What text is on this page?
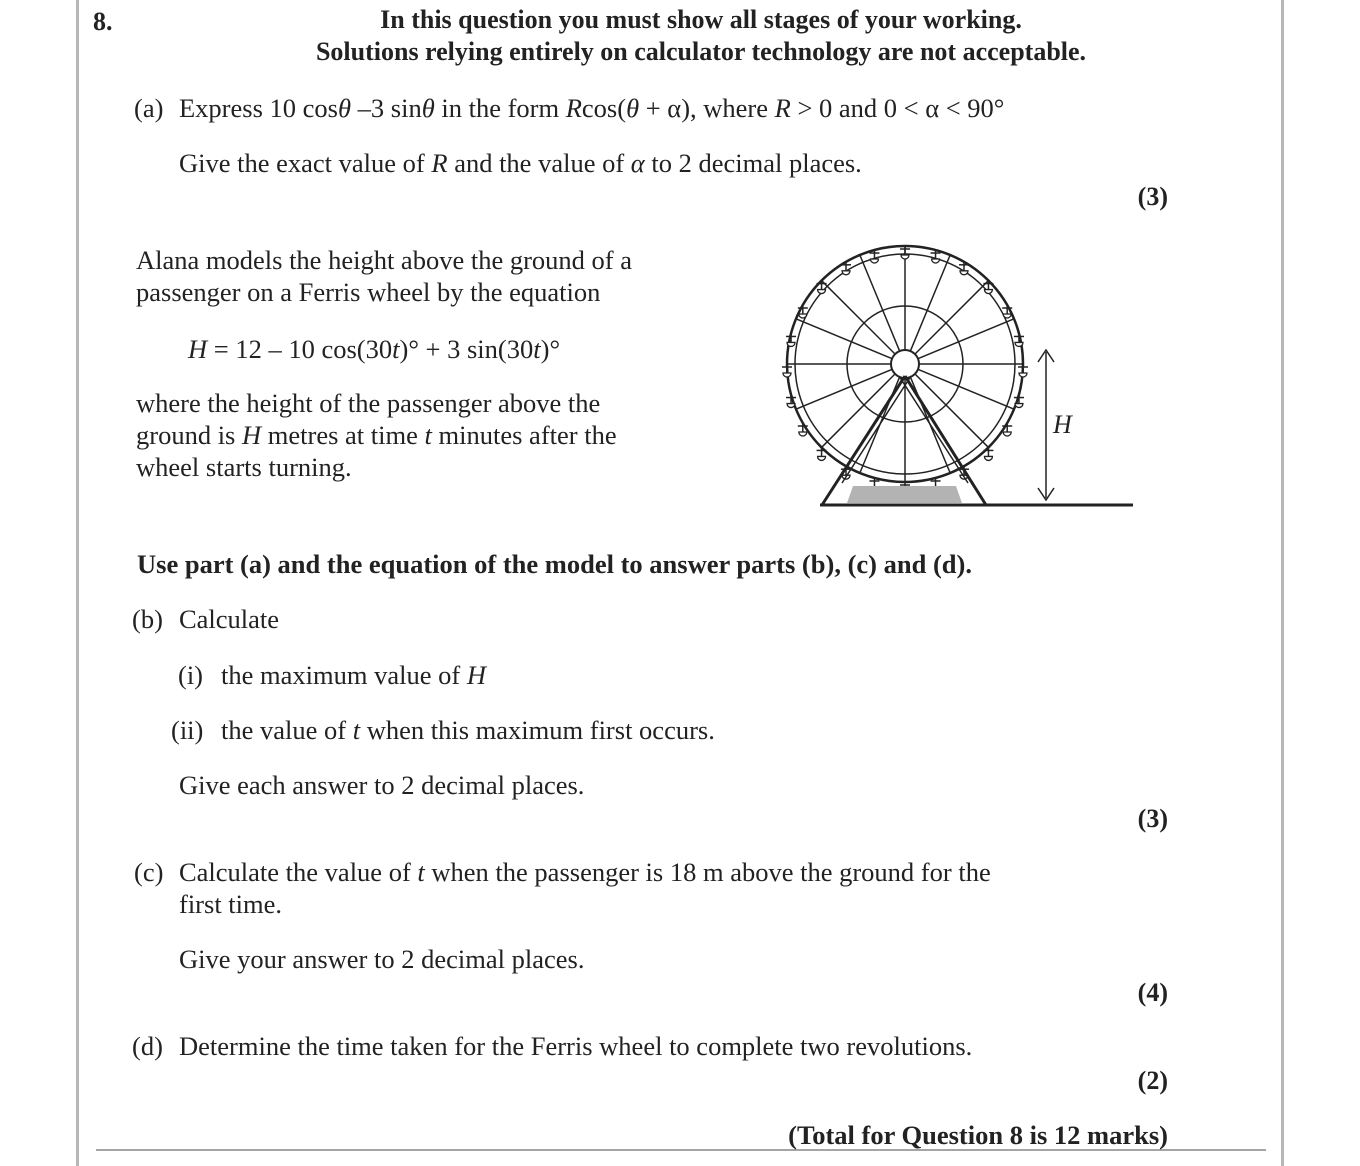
8.	In this question you must show all stages of your working.
Solutions relying entirely on calculator technology are not acceptable.
(a) Express 10 cosθ –3 sinθ in the form Rcos(θ + α), where R > 0 and 0 < α < 90°
Give the exact value of R and the value of α to 2 decimal places.
(3)
Alana models the height above the ground of a
passenger on a Ferris wheel by the equation
H = 12 – 10 cos(30t)° + 3 sin(30t)°
where the height of the passenger above the
ground is H metres at time t minutes after the
wheel starts turning.
H
Use part (a) and the equation of the model to answer parts (b), (c) and (d).
(b) Calculate
(i) the maximum value of H
(ii) the value of t when this maximum first occurs.
Give each answer to 2 decimal places.
(3)
(c) Calculate the value of t when the passenger is 18 m above the ground for the
first time.
Give your answer to 2 decimal places.
(4)
(d) Determine the time taken for the Ferris wheel to complete two revolutions.
(2)
(Total for Question 8 is 12 marks)
